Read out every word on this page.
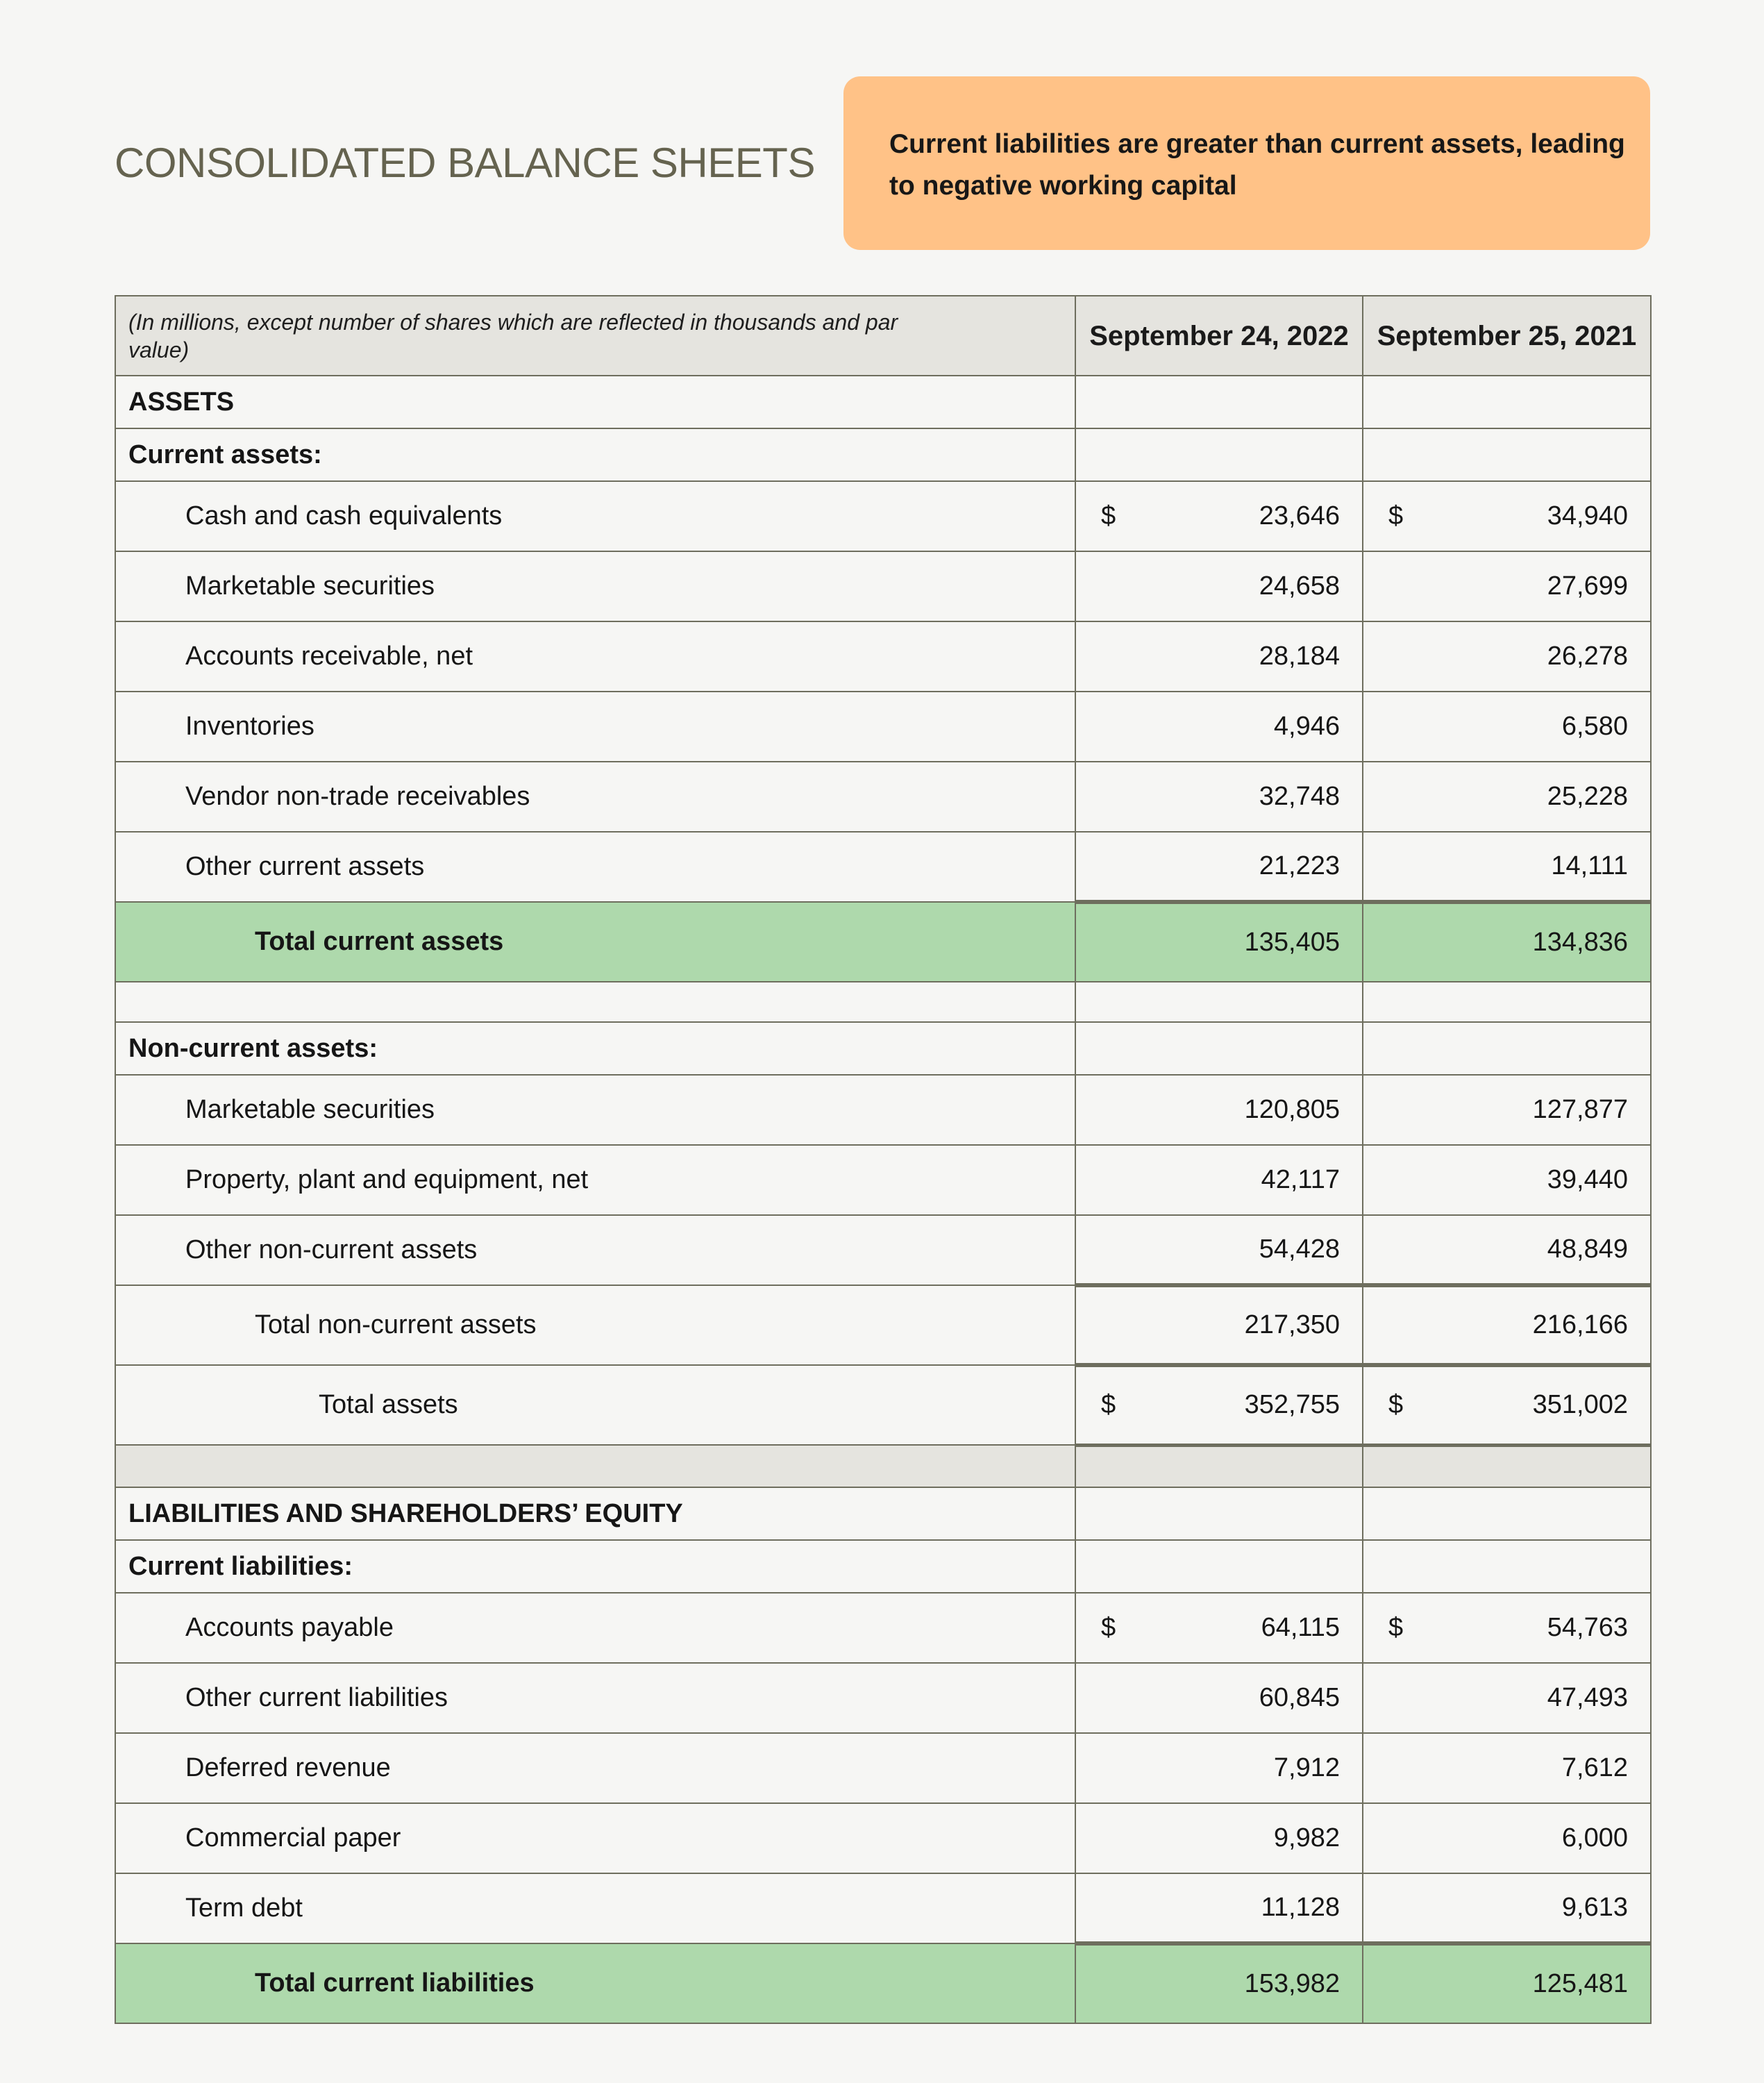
CONSOLIDATED BALANCE SHEETS	Current liabilities are greater than current assets, leading to negative working capital
(In millions, except number of shares which are reflected in thousands and par value)	September 24, 2022	September 25, 2021
ASSETS		
Current assets:		
Cash and cash equivalents	$ 23,646	$ 34,940

Marketable securities	24,658	27,699

Accounts receivable, net	28,184	26,278

Inventories	4,946	6,580

Vendor non-trade receivables	32,748	25,228

Other current assets	21,223	14,111

Total current assets	135,405	134,836

Non-current assets:		
Marketable securities	120,805	127,877

Property, plant and equipment, net	42,117	39,440

Other non-current assets	54,428	48,849

Total non-current assets	217,350	216,166

Total assets	$ 352,755	$ 351,002

LIABILITIES AND SHAREHOLDERS’ EQUITY		
Current liabilities:		
Accounts payable	$ 64,115	$ 54,763

Other current liabilities	60,845	47,493

Deferred revenue	7,912	7,612

Commercial paper	9,982	6,000

Term debt	11,128	9,613

Total current liabilities	153,982	125,481
